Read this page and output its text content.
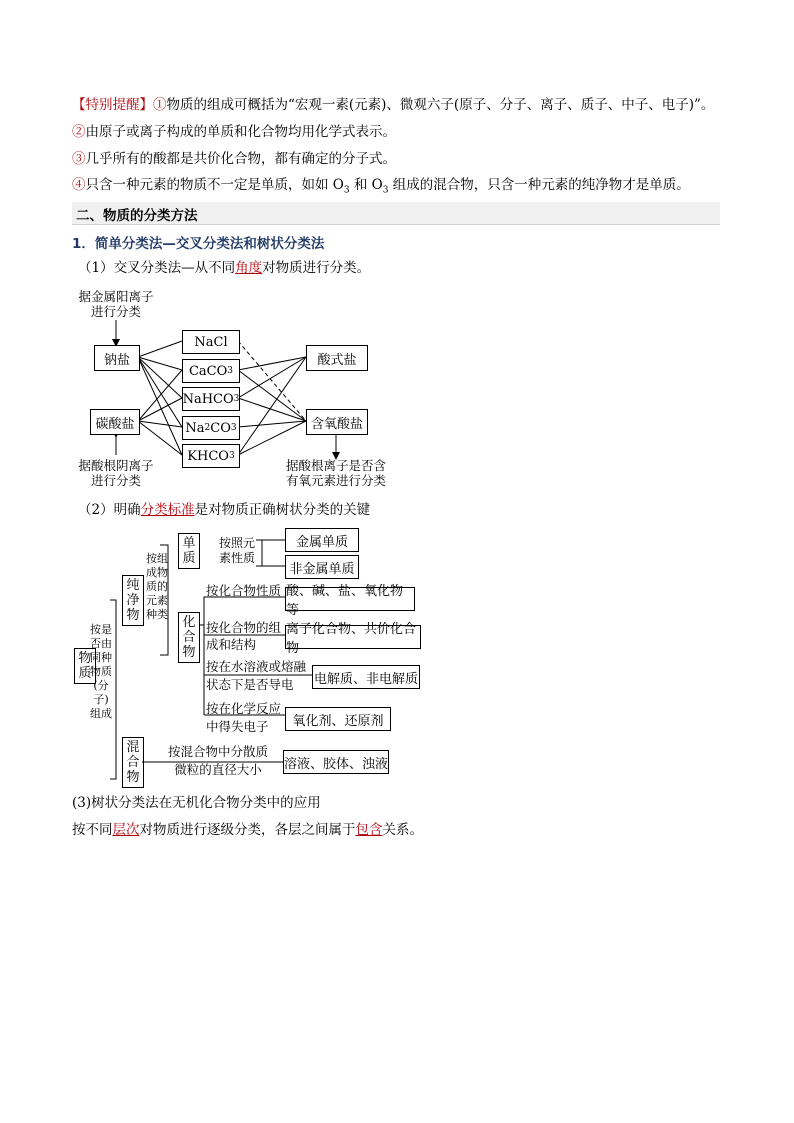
【特别提醒】①物质的组成可概括为“宏观一素(元素)、微观六子(原子、分子、离子、质子、中子、电子)”。
②由原子或离子构成的单质和化合物均用化学式表示。
③几乎所有的酸都是共价化合物，都有确定的分子式。
④只含一种元素的物质不一定是单质，如如 $O_3$ 和 $O_3$ 组成的混合物，只含一种元素的纯净物才是单质。
二、物质的分类方法
1．简单分类法—交叉分类法和树状分类法
（1）交叉分类法—从不同角度对物质进行分类。
据金属阳离子
进行分类
据酸根阴离子
进行分类
据酸根离子是否含
有氧元素进行分类
钠盐
碳酸盐
NaCl
CaCO 3
NaHCO 3
Na 2 CO 3
KHCO 3
酸式盐
含氧酸盐
（2）明确分类标准是对物质正确树状分类的关键
物
质
按是
否由
同种
物质
(分子)
组成
纯
净
物
按组
成物
质的
元素
种类
混
合
物
单
质
按照元
素性质
金属单质
非金属单质
化
合
物
按化合物性质 酸、碱、盐、氧化物等
按化合物的组
成和结构
离子化合物、共价化合物
按在水溶液或熔融
状态下是否导电	电解质、非电解质
按在化学反应
中得失电子	氧化剂、还原剂
按混合物中分散质
微粒的直径大小	溶液、胶体、浊液
(3)树状分类法在无机化合物分类中的应用
按不同层次对物质进行逐级分类，各层之间属于包含关系。
